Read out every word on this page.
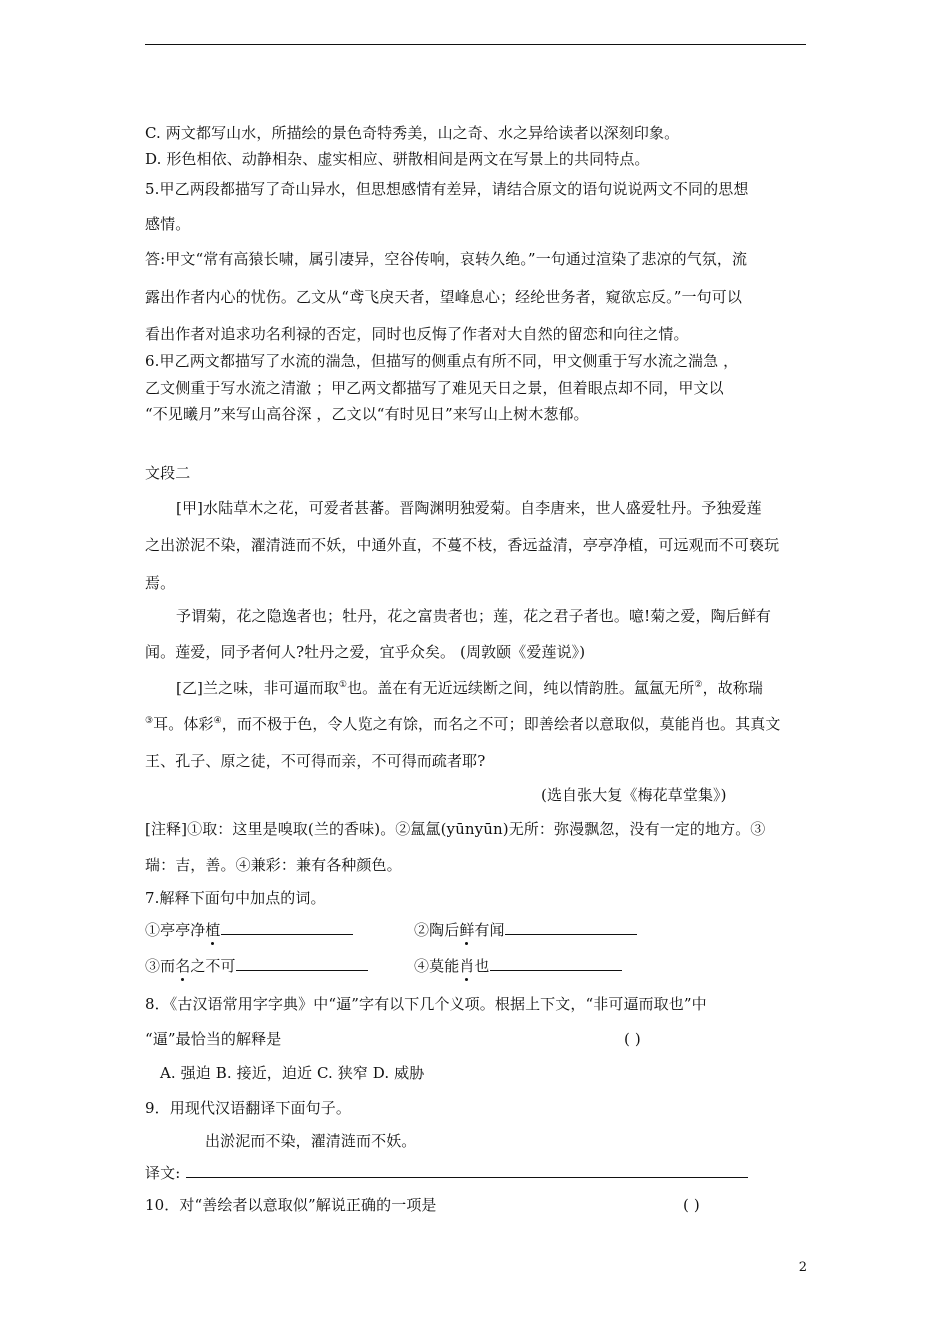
C. 两文都写山水，所描绘的景色奇特秀美，山之奇、水之异给读者以深刻印象。
D. 形色相依、动静相杂、虚实相应、骈散相间是两文在写景上的共同特点。
5.甲乙两段都描写了奇山异水，但思想感情有差异，请结合原文的语句说说两文不同的思想
感情。
答:甲文“常有高猿长啸，属引凄异，空谷传响，哀转久绝。”一句通过渲染了悲凉的气氛，流
露出作者内心的忧伤。乙文从“鸢飞戾天者，望峰息心；经纶世务者，窥欲忘反。”一句可以
看出作者对追求功名利禄的否定，同时也反悔了作者对大自然的留恋和向往之情。
6.甲乙两文都描写了水流的湍急，但描写的侧重点有所不同，甲文侧重于写水流之湍急 ，
乙文侧重于写水流之清澈 ；甲乙两文都描写了难见天日之景，但着眼点却不同，甲文以
“不见曦月”来写山高谷深 ，乙文以“有时见日”来写山上树木葱郁。
文段二
[甲]水陆草木之花，可爱者甚蕃。晋陶渊明独爱菊。自李唐来，世人盛爱牡丹。予独爱莲
之出淤泥不染，濯清涟而不妖，中通外直，不蔓不枝，香远益清，亭亭净植，可远观而不可亵玩
焉。
予谓菊，花之隐逸者也；牡丹，花之富贵者也；莲，花之君子者也。噫!菊之爱，陶后鲜有
闻。莲爱，同予者何人?牡丹之爱，宜乎众矣。 (周敦颐《爱莲说》)
[乙]兰之味，非可逼而取①也。盖在有无近远续断之间，纯以情韵胜。氲氲无所②，故称瑞
③耳。体彩④，而不极于色，令人览之有馀，而名之不可；即善绘者以意取似，莫能肖也。其真文
王、孔子、原之徒，不可得而亲，不可得而疏者耶?
(选自张大复《梅花草堂集》)
[注释]①取：这里是嗅取(兰的香味)。②氲氲(yūnyūn)无所：弥漫飘忽，没有一定的地方。③
瑞：吉，善。④兼彩：兼有各种颜色。
7.解释下面句中加点的词。
①亭亭净植	②陶后鲜有闻
③而名之不可	④莫能肖也
8．《古汉语常用字字典》中“逼”字有以下几个义项。根据上下文，“非可逼而取也”中
“逼”最恰当的解释是	( )
A. 强迫 B. 接近，迫近 C. 狭窄 D. 威胁
9．用现代汉语翻译下面句子。
出淤泥而不染，濯清涟而不妖。
译文:
10．对“善绘者以意取似”解说正确的一项是	( )
2
